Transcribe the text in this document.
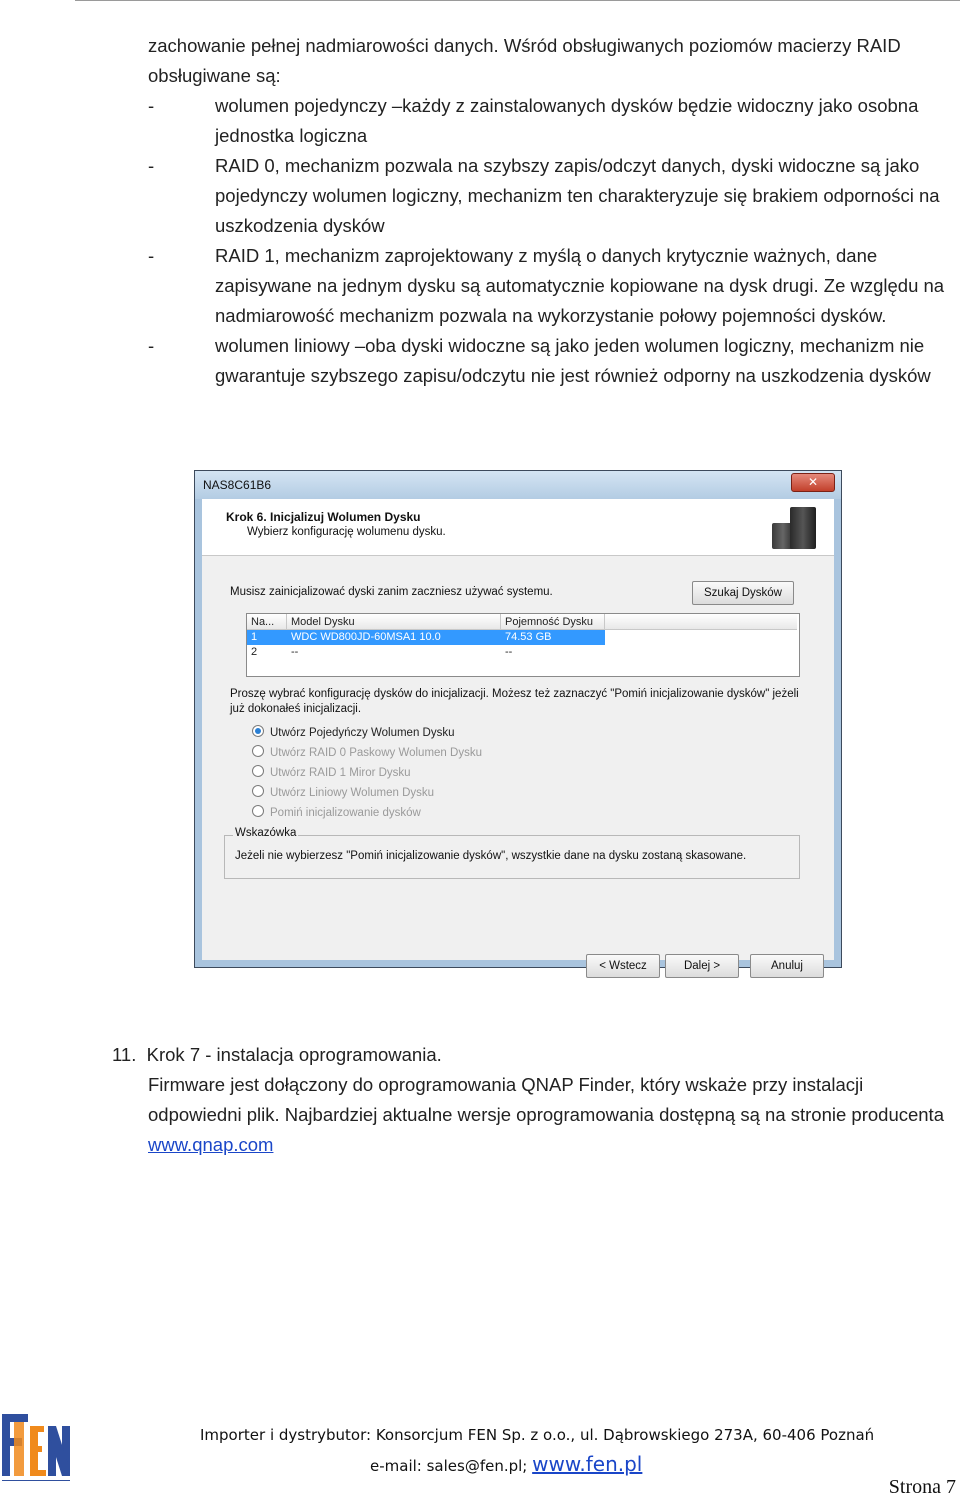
zachowanie pełnej nadmiarowości danych. Wśród obsługiwanych poziomów macierzy RAID obsługiwane są:

-	wolumen pojedynczy –każdy z zainstalowanych dysków będzie widoczny jako osobna jednostka logiczna
-	RAID 0, mechanizm pozwala na szybszy zapis/odczyt danych, dyski widoczne są jako pojedynczy wolumen logiczny, mechanizm ten charakteryzuje się brakiem odporności na uszkodzenia dysków
-	RAID 1, mechanizm zaprojektowany z myślą o danych krytycznie ważnych, dane zapisywane na jednym dysku są automatycznie kopiowane na dysk drugi. Ze względu na nadmiarowość mechanizm pozwala na wykorzystanie połowy pojemności dysków.
-	wolumen liniowy –oba dyski widoczne są jako jeden wolumen logiczny, mechanizm nie gwarantuje szybszego zapisu/odczytu nie jest również odporny na uszkodzenia dysków
NAS8C61B6	✕
Krok 6. Inicjalizuj Wolumen Dysku
Wybierz konfigurację wolumenu dysku.
Musisz zainicjalizować dyski zanim zaczniesz używać systemu.	Szukaj Dysków
Na...	Model Dysku	Pojemność Dysku
1	WDC WD800JD-60MSA1 10.0	74.53 GB
2	--	--
Proszę wybrać konfigurację dysków do inicjalizacji. Możesz też zaznaczyć "Pomiń inicjalizowanie dysków" jeżeli już dokonałeś inicjalizacji.
Utwórz Pojedyńczy Wolumen Dysku
Utwórz RAID 0 Paskowy Wolumen Dysku
Utwórz RAID 1 Miror Dysku
Utwórz Liniowy Wolumen Dysku
Pomiń inicjalizowanie dysków
Wskazówka
Jeżeli nie wybierzesz "Pomiń inicjalizowanie dysków", wszystkie dane na dysku zostaną skasowane.
< Wstecz	Dalej >	Anuluj
11. Krok 7 - instalacja oprogramowania.
Firmware jest dołączony do oprogramowania QNAP Finder, który wskaże przy instalacji odpowiedni plik. Najbardziej aktualne wersje oprogramowania dostępną są na stronie producenta www.qnap.com
Importer i dystrybutor: Konsorcjum FEN Sp. z o.o., ul. Dąbrowskiego 273A, 60-406 Poznań
e-mail: sales@fen.pl; www.fen.pl
Strona 7
